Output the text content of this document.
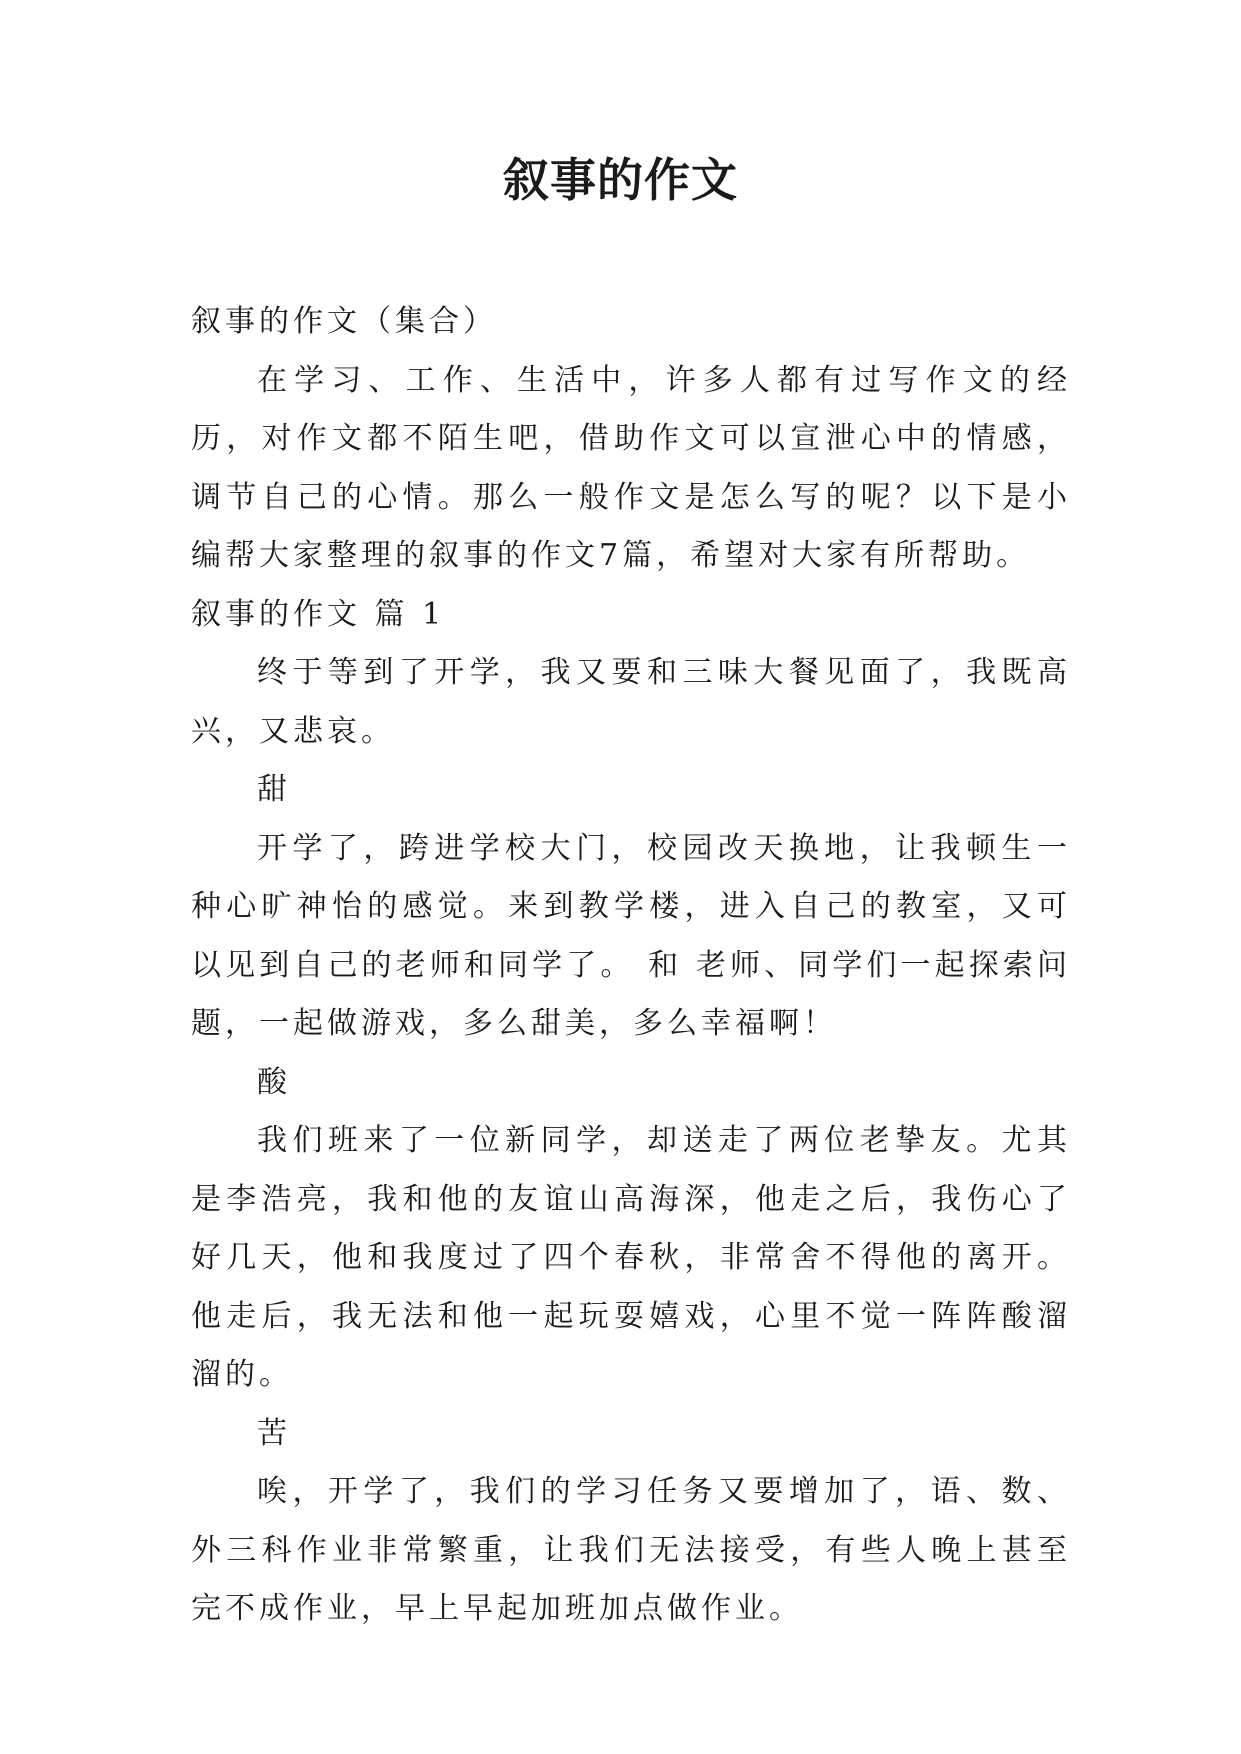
叙事的作文

叙事的作文（集合）

在学习、工作、生活中，许多人都有过写作文的经历，对作文都不陌生吧，借助作文可以宣泄心中的情感，调节自己的心情。那么一般作文是怎么写的呢？以下是小编帮大家整理的叙事的作文7篇，希望对大家有所帮助。

叙事的作文 篇 1

终于等到了开学，我又要和三味大餐见面了，我既高兴，又悲哀。

甜

开学了，跨进学校大门，校园改天换地，让我顿生一种心旷神怡的感觉。来到教学楼，进入自己的教室，又可以见到自己的老师和同学了。 和 老师、同学们一起探索问题，一起做游戏，多么甜美，多么幸福啊！

酸

我们班来了一位新同学，却送走了两位老挚友。尤其是李浩亮，我和他的友谊山高海深，他走之后，我伤心了好几天，他和我度过了四个春秋，非常舍不得他的离开。他走后，我无法和他一起玩耍嬉戏，心里不觉一阵阵酸溜溜的。

苦

唉，开学了，我们的学习任务又要增加了，语、数、外三科作业非常繁重，让我们无法接受，有些人晚上甚至完不成作业，早上早起加班加点做作业。
